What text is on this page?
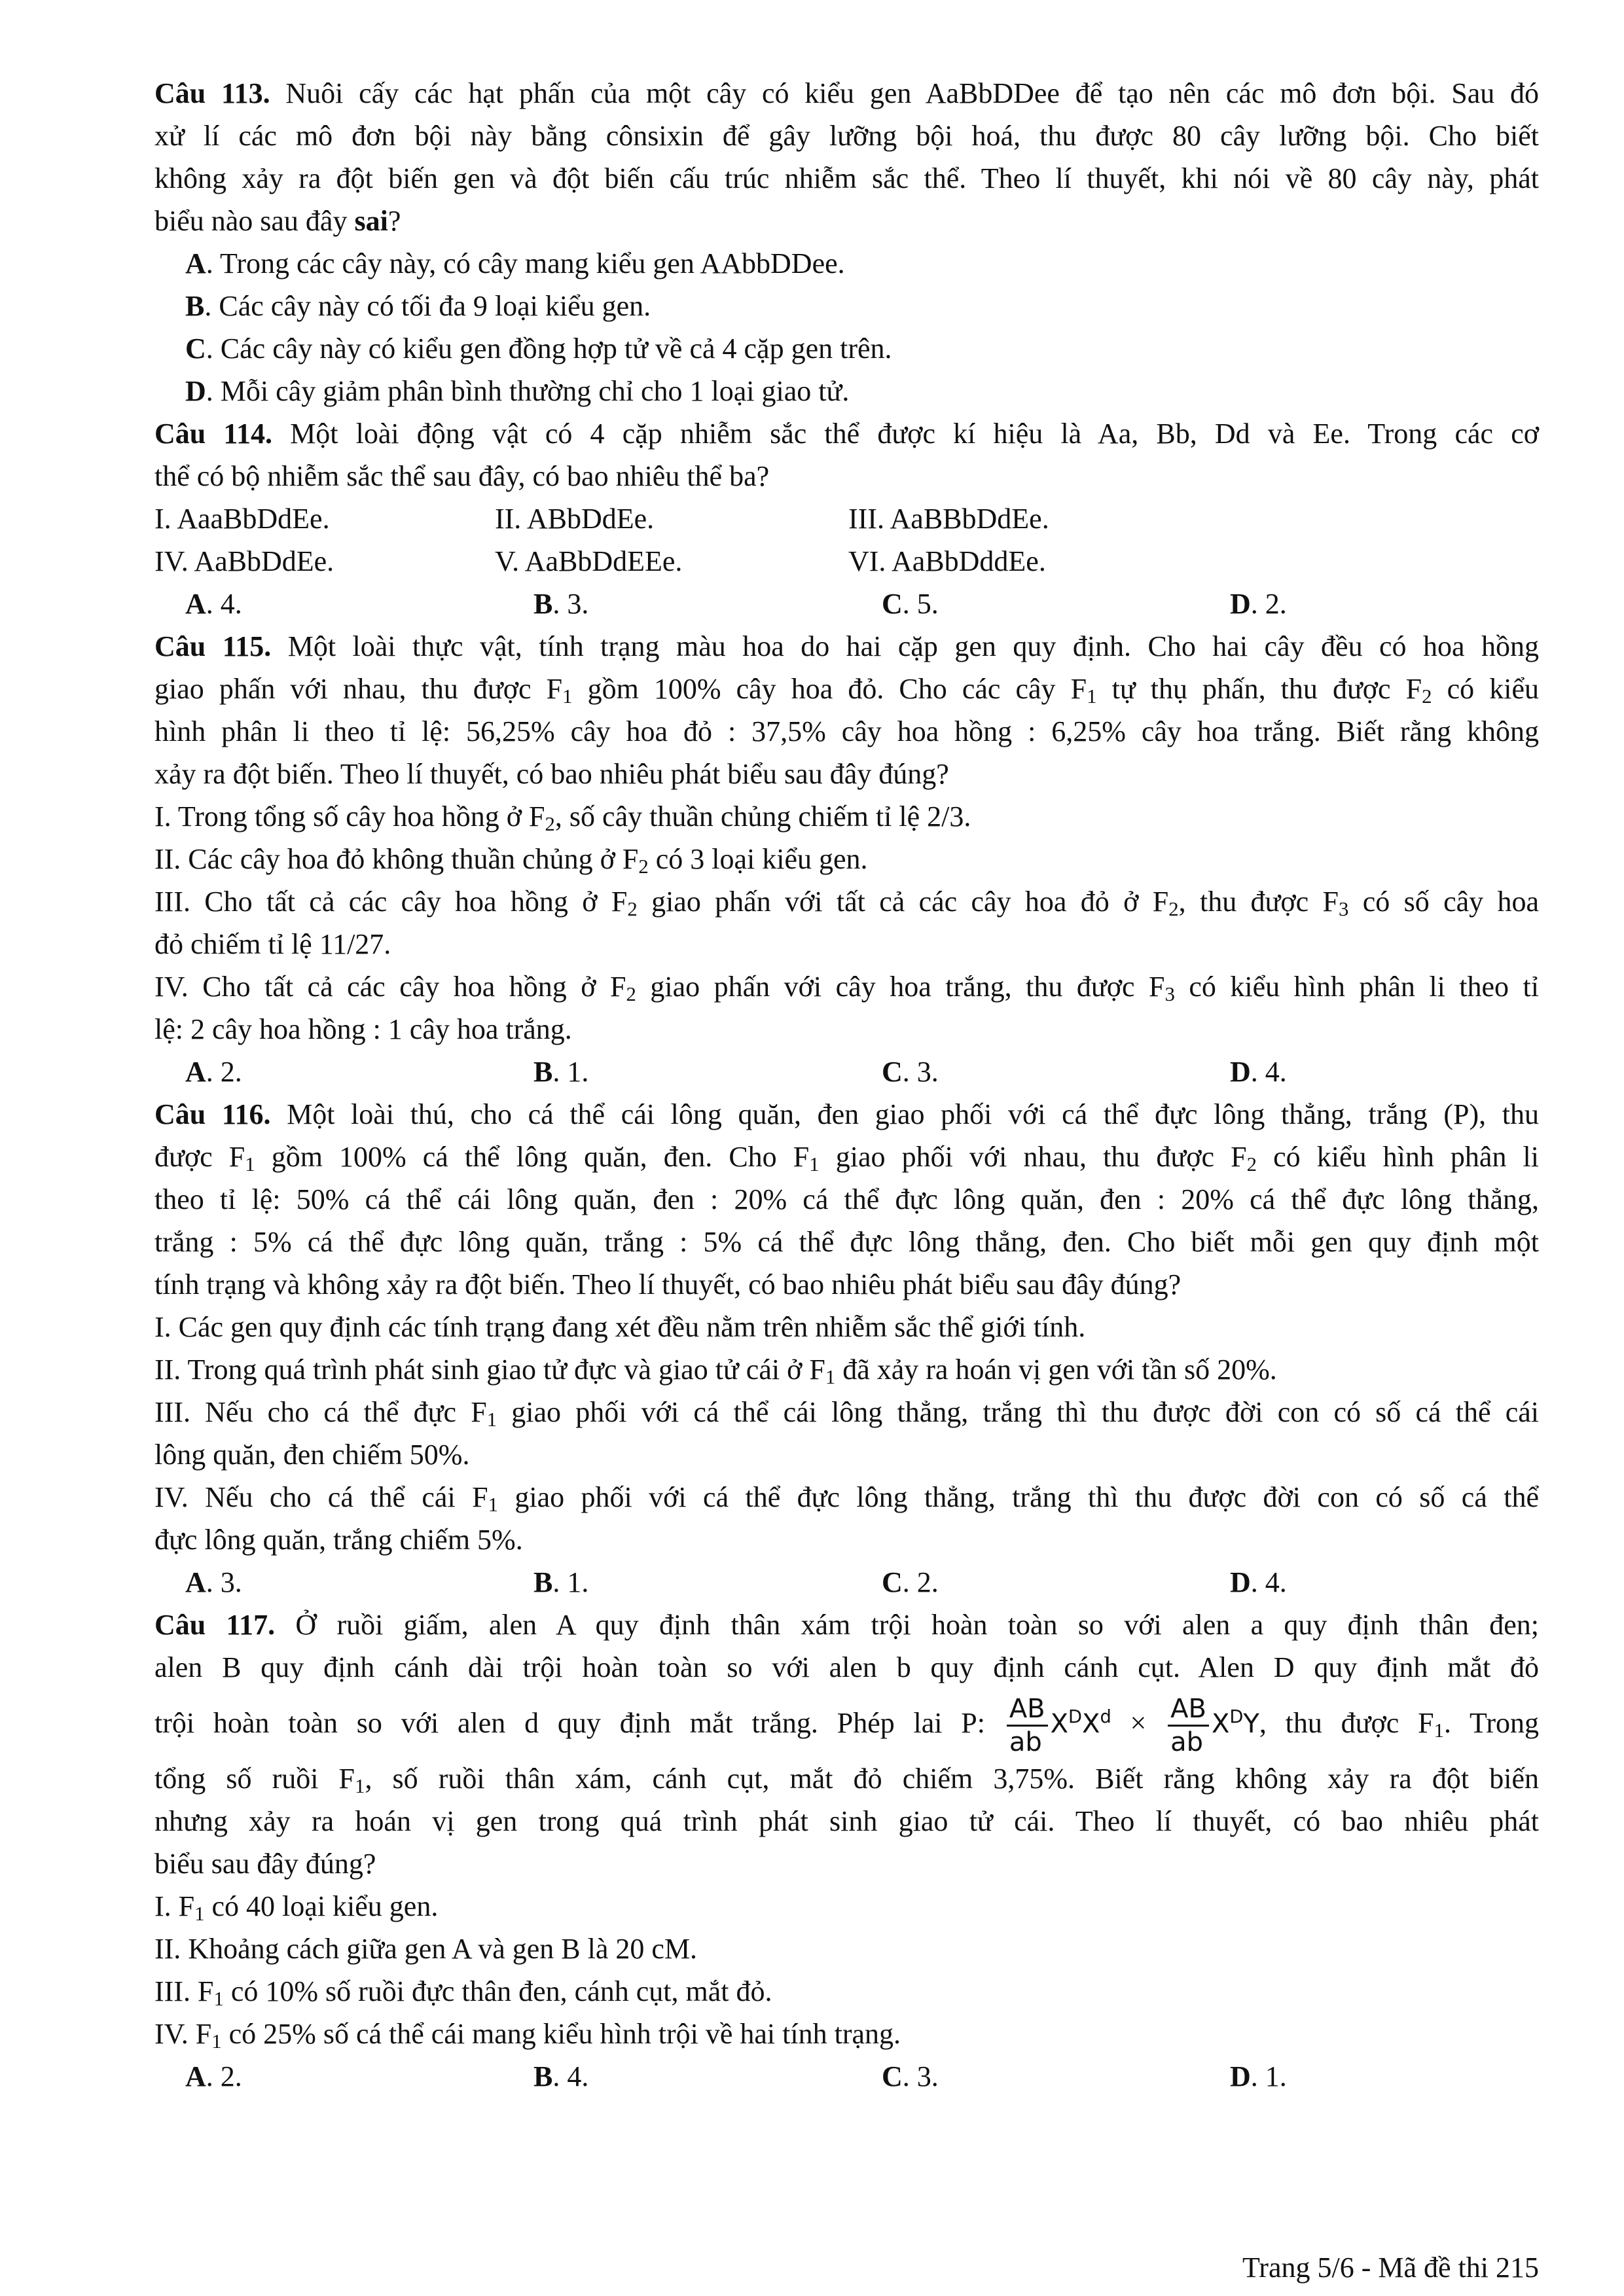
Câu 113. Nuôi cấy các hạt phấn của một cây có kiểu gen AaBbDDee để tạo nên các mô đơn bội. Sau đó
xử lí các mô đơn bội này bằng cônsixin để gây lưỡng bội hoá, thu được 80 cây lưỡng bội. Cho biết
không xảy ra đột biến gen và đột biến cấu trúc nhiễm sắc thể. Theo lí thuyết, khi nói về 80 cây này, phát
biểu nào sau đây sai?
A. Trong các cây này, có cây mang kiểu gen AAbbDDee.
B. Các cây này có tối đa 9 loại kiểu gen.
C. Các cây này có kiểu gen đồng hợp tử về cả 4 cặp gen trên.
D. Mỗi cây giảm phân bình thường chỉ cho 1 loại giao tử.
Câu 114. Một loài động vật có 4 cặp nhiễm sắc thể được kí hiệu là Aa, Bb, Dd và Ee. Trong các cơ
thể có bộ nhiễm sắc thể sau đây, có bao nhiêu thể ba?
I. AaaBbDdEe.	II. ABbDdEe.	III. AaBBbDdEe.
IV. AaBbDdEe.	V. AaBbDdEEe.	VI. AaBbDddEe.
A. 4.	B. 3.	C. 5.	D. 2.
Câu 115. Một loài thực vật, tính trạng màu hoa do hai cặp gen quy định. Cho hai cây đều có hoa hồng
giao phấn với nhau, thu được $F_1$ gồm 100% cây hoa đỏ. Cho các cây $F_1$ tự thụ phấn, thu được $F_2$ có kiểu
hình phân li theo tỉ lệ: 56,25% cây hoa đỏ : 37,5% cây hoa hồng : 6,25% cây hoa trắng. Biết rằng không
xảy ra đột biến. Theo lí thuyết, có bao nhiêu phát biểu sau đây đúng?
I. Trong tổng số cây hoa hồng ở $F_2$, số cây thuần chủng chiếm tỉ lệ 2/3.
II. Các cây hoa đỏ không thuần chủng ở $F_2$ có 3 loại kiểu gen.
III. Cho tất cả các cây hoa hồng ở $F_2$ giao phấn với tất cả các cây hoa đỏ ở $F_2$, thu được $F_3$ có số cây hoa
đỏ chiếm tỉ lệ 11/27.
IV. Cho tất cả các cây hoa hồng ở $F_2$ giao phấn với cây hoa trắng, thu được $F_3$ có kiểu hình phân li theo tỉ
lệ: 2 cây hoa hồng : 1 cây hoa trắng.
A. 2.	B. 1.	C. 3.	D. 4.
Câu 116. Một loài thú, cho cá thể cái lông quăn, đen giao phối với cá thể đực lông thẳng, trắng (P), thu
được $F_1$ gồm 100% cá thể lông quăn, đen. Cho $F_1$ giao phối với nhau, thu được $F_2$ có kiểu hình phân li
theo tỉ lệ: 50% cá thể cái lông quăn, đen : 20% cá thể đực lông quăn, đen : 20% cá thể đực lông thẳng,
trắng : 5% cá thể đực lông quăn, trắng : 5% cá thể đực lông thẳng, đen. Cho biết mỗi gen quy định một
tính trạng và không xảy ra đột biến. Theo lí thuyết, có bao nhiêu phát biểu sau đây đúng?
I. Các gen quy định các tính trạng đang xét đều nằm trên nhiễm sắc thể giới tính.
II. Trong quá trình phát sinh giao tử đực và giao tử cái ở $F_1$ đã xảy ra hoán vị gen với tần số 20%.
III. Nếu cho cá thể đực $F_1$ giao phối với cá thể cái lông thẳng, trắng thì thu được đời con có số cá thể cái
lông quăn, đen chiếm 50%.
IV. Nếu cho cá thể cái $F_1$ giao phối với cá thể đực lông thẳng, trắng thì thu được đời con có số cá thể
đực lông quăn, trắng chiếm 5%.
A. 3.	B. 1.	C. 2.	D. 4.
Câu 117. Ở ruồi giấm, alen A quy định thân xám trội hoàn toàn so với alen a quy định thân đen;
alen B quy định cánh dài trội hoàn toàn so với alen b quy định cánh cụt. Alen D quy định mắt đỏ
trội hoàn toàn so với alen d quy định mắt trắng. Phép lai P: $\frac{AB}{ab} X^DX^d \times \frac{AB}{ab} X^DY$, thu được $F_1$. Trong
tổng số ruồi $F_1$, số ruồi thân xám, cánh cụt, mắt đỏ chiếm 3,75%. Biết rằng không xảy ra đột biến
nhưng xảy ra hoán vị gen trong quá trình phát sinh giao tử cái. Theo lí thuyết, có bao nhiêu phát
biểu sau đây đúng?
I. $F_1$ có 40 loại kiểu gen.
II. Khoảng cách giữa gen A và gen B là 20 cM.
III. $F_1$ có 10% số ruồi đực thân đen, cánh cụt, mắt đỏ.
IV. $F_1$ có 25% số cá thể cái mang kiểu hình trội về hai tính trạng.
A. 2.	B. 4.	C. 3.	D. 1.
Trang 5/6 - Mã đề thi 215
